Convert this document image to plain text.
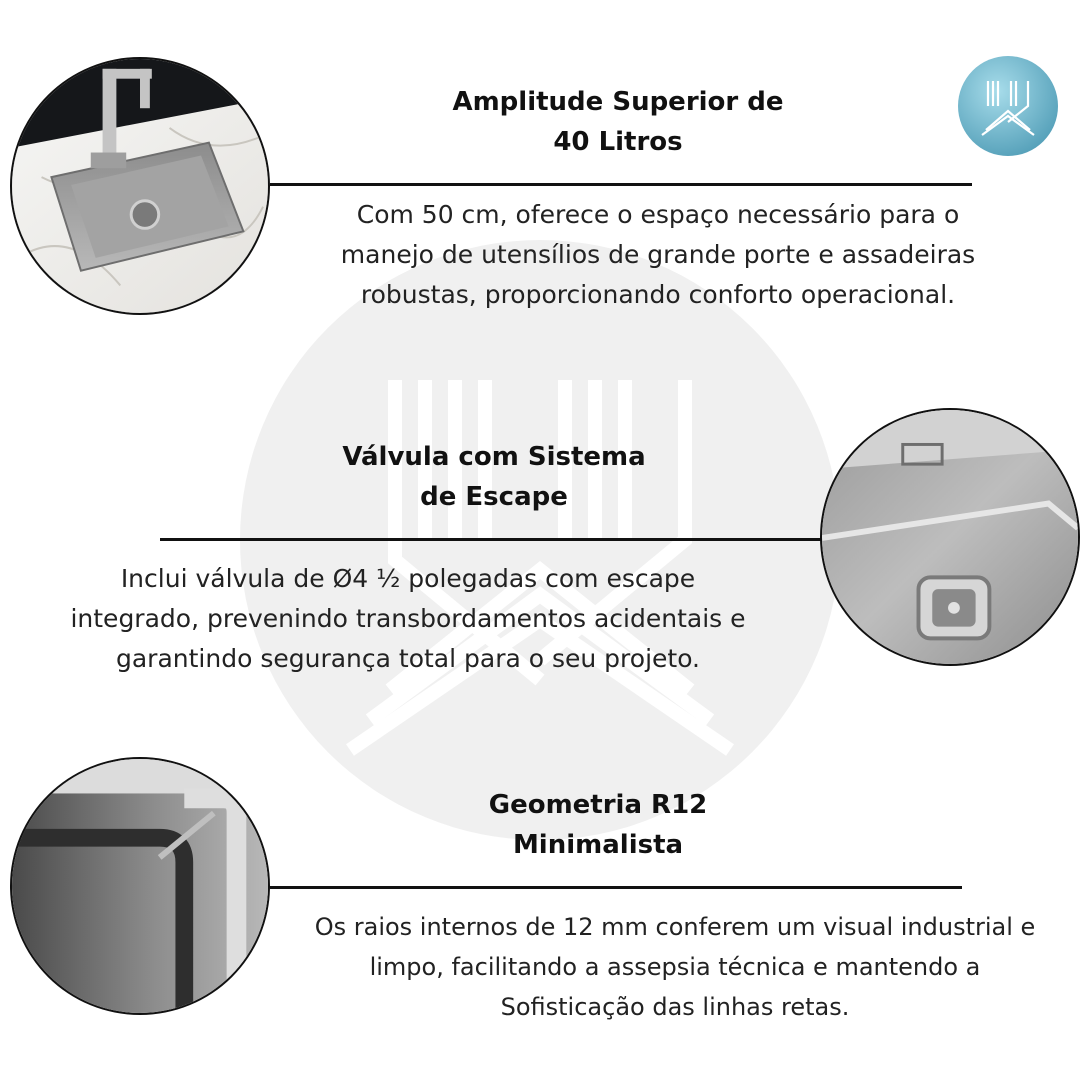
Amplitude Superior de
40 Litros
Com 50 cm, oferece o espaço necessário para o
manejo de utensílios de grande porte e assadeiras
robustas, proporcionando conforto operacional.
Válvula com Sistema
de Escape
Inclui válvula de Ø4 ½ polegadas com escape
integrado, prevenindo transbordamentos acidentais e
garantindo segurança total para o seu projeto.
Geometria R12
Minimalista
Os raios internos de 12 mm conferem um visual industrial e
limpo, facilitando a assepsia técnica e mantendo a
Sofisticação das linhas retas.
